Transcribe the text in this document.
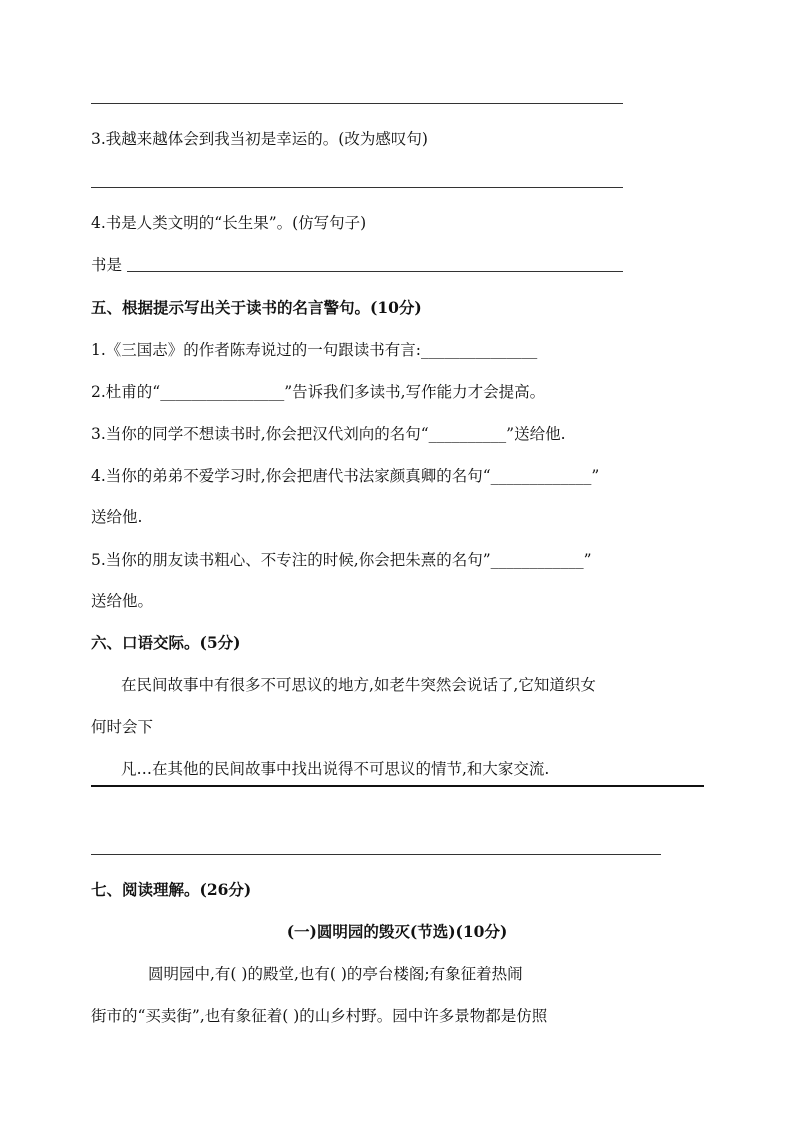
3.我越来越体会到我当初是幸运的。(改为感叹句)
4.书是人类文明的“长生果”。(仿写句子)
书是
五、根据提示写出关于读书的名言警句。(10分)
1.《三国志》的作者陈寿说过的一句跟读书有言:_______________
2.杜甫的“________________”告诉我们多读书,写作能力才会提高。
3.当你的同学不想读书时,你会把汉代刘向的名句“__________”送给他.
4.当你的弟弟不爱学习时,你会把唐代书法家颜真卿的名句“_____________”
送给他.
5.当你的朋友读书粗心、不专注的时候,你会把朱熹的名句”____________”
送给他。
六、口语交际。(5分)
在民间故事中有很多不可思议的地方,如老牛突然会说话了,它知道织女
何时会下
凡…在其他的民间故事中找出说得不可思议的情节,和大家交流.
七、阅读理解。(26分)
(一)圆明园的毁灭(节选)(10分)
圆明园中,有( )的殿堂,也有( )的亭台楼阁;有象征着热闹
街市的“买卖街”,也有象征着( )的山乡村野。园中许多景物都是仿照
